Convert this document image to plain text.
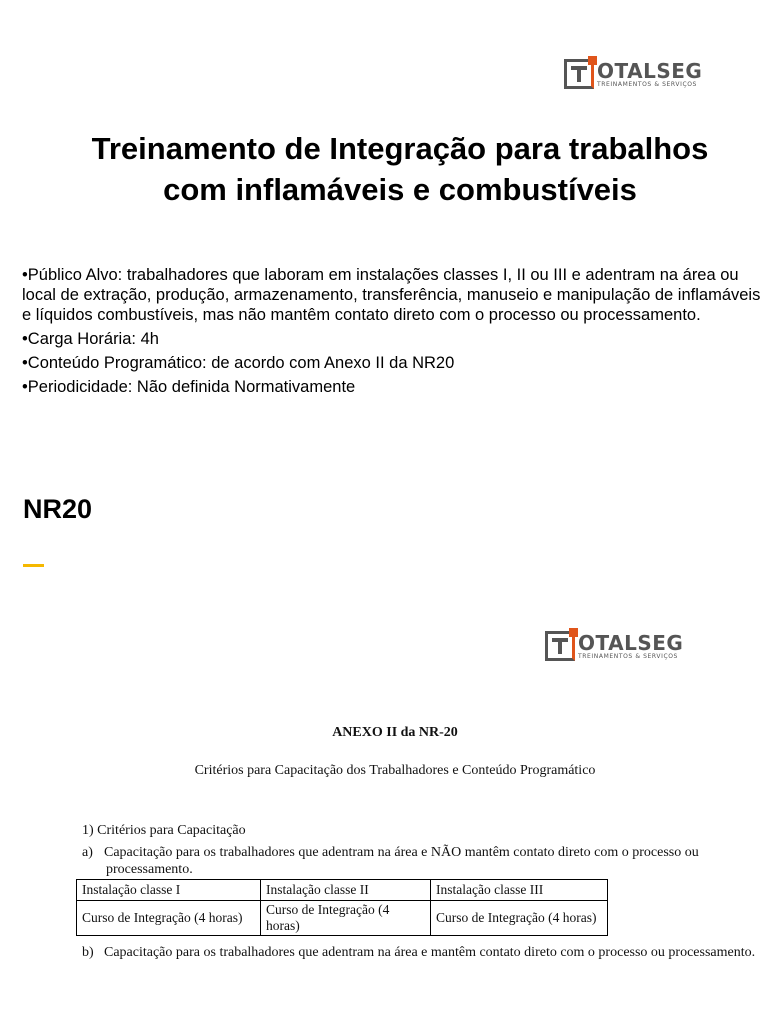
OTALSEG
TREINAMENTOS & SERVIÇOS
Treinamento de Integração para trabalhos
com inflamáveis e combustíveis

•Público Alvo: trabalhadores que laboram em instalações classes I, II ou III e adentram na área ou local de extração, produção, armazenamento, transferência, manuseio e manipulação de inflamáveis e líquidos combustíveis, mas não mantêm contato direto com o processo ou processamento.

•Carga Horária: 4h

•Conteúdo Programático: de acordo com Anexo II da NR20

•Periodicidade: Não definida Normativamente

NR20
OTALSEG
TREINAMENTOS & SERVIÇOS
ANEXO II da NR-20
Critérios para Capacitação dos Trabalhadores e Conteúdo Programático
1) Critérios para Capacitação
a) Capacitação para os trabalhadores que adentram na área e NÃO mantêm contato direto com o processo ou
processamento.
Instalação classe I	Instalação classe II	Instalação classe III
Curso de Integração (4 horas)	Curso de Integração (4 horas)	Curso de Integração (4 horas)
b) Capacitação para os trabalhadores que adentram na área e mantêm contato direto com o processo ou processamento.
